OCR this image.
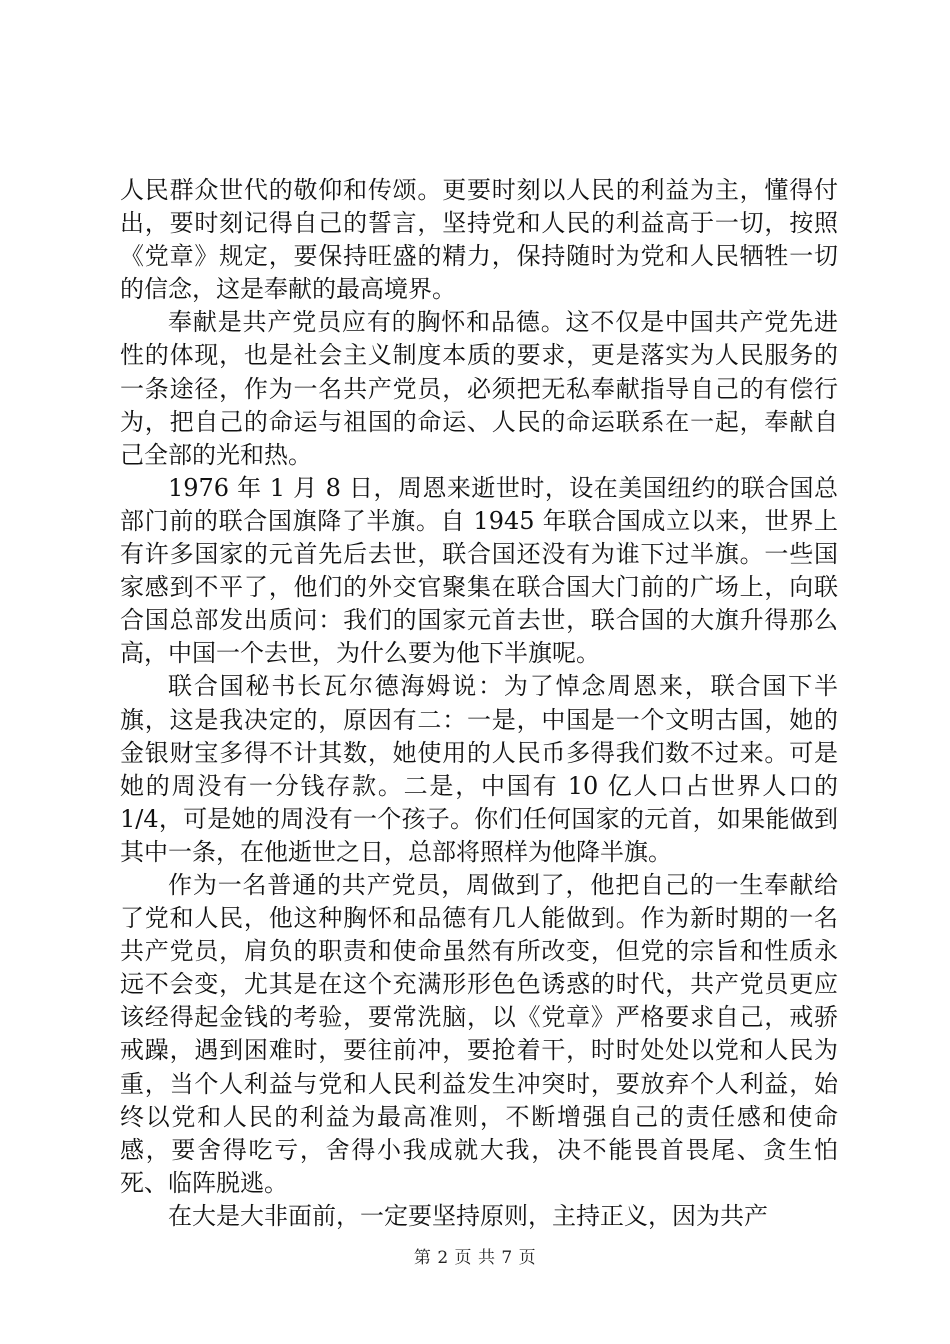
人民群众世代的敬仰和传颂。更要时刻以人民的利益为主，懂得付出，要时刻记得自己的誓言，坚持党和人民的利益高于一切，按照《党章》规定，要保持旺盛的精力，保持随时为党和人民牺牲一切的信念，这是奉献的最高境界。

奉献是共产党员应有的胸怀和品德。这不仅是中国共产党先进性的体现，也是社会主义制度本质的要求，更是落实为人民服务的一条途径，作为一名共产党员，必须把无私奉献指导自己的有偿行为，把自己的命运与祖国的命运、人民的命运联系在一起，奉献自己全部的光和热。

1976 年 1 月 8 日，周恩来逝世时，设在美国纽约的联合国总部门前的联合国旗降了半旗。自 1945 年联合国成立以来，世界上有许多国家的元首先后去世，联合国还没有为谁下过半旗。一些国家感到不平了，他们的外交官聚集在联合国大门前的广场上，向联合国总部发出质问：我们的国家元首去世，联合国的大旗升得那么高，中国一个去世，为什么要为他下半旗呢。

联合国秘书长瓦尔德海姆说：为了悼念周恩来，联合国下半旗，这是我决定的，原因有二：一是，中国是一个文明古国，她的金银财宝多得不计其数，她使用的人民币多得我们数不过来。可是她的周没有一分钱存款。二是，中国有 10 亿人口占世界人口的 1/4，可是她的周没有一个孩子。你们任何国家的元首，如果能做到其中一条，在他逝世之日，总部将照样为他降半旗。

作为一名普通的共产党员，周做到了，他把自己的一生奉献给了党和人民，他这种胸怀和品德有几人能做到。作为新时期的一名共产党员，肩负的职责和使命虽然有所改变，但党的宗旨和性质永远不会变，尤其是在这个充满形形色色诱惑的时代，共产党员更应该经得起金钱的考验，要常洗脑，以《党章》严格要求自己，戒骄戒躁，遇到困难时，要往前冲，要抢着干，时时处处以党和人民为重，当个人利益与党和人民利益发生冲突时，要放弃个人利益，始终以党和人民的利益为最高准则，不断增强自己的责任感和使命感，要舍得吃亏，舍得小我成就大我，决不能畏首畏尾、贪生怕死、临阵脱逃。

在大是大非面前，一定要坚持原则，主持正义，因为共产

第 2 页 共 7 页
